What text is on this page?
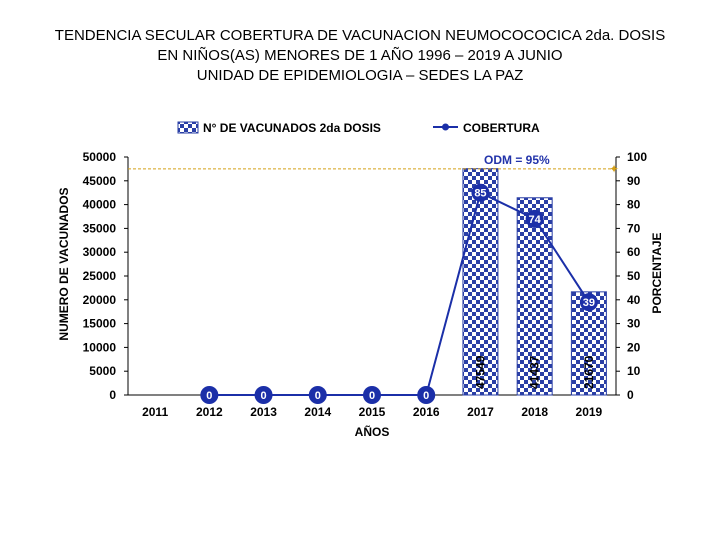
TENDENCIA SECULAR COBERTURA DE VACUNACION NEUMOCOCOCICA 2da. DOSIS
EN NIÑOS(AS) MENORES DE 1 AÑO 1996 – 2019 A JUNIO
UNIDAD DE EPIDEMIOLOGIA – SEDES LA PAZ
N° DE VACUNADOS 2da DOSIS	COBERTURA
0
5000
10000
15000
20000
25000
30000
35000
40000
45000
50000
0
10
20
30
40
50
60
70
80
90
100
2011 2012 2013 2014 2015 2016 2017 2018 2019
47549	41437	21670
ODM = 95%
✦
0	0	0	0	0
85
74
39
NUMERO DE VACUNADOS	PORCENTAJE
AÑOS
